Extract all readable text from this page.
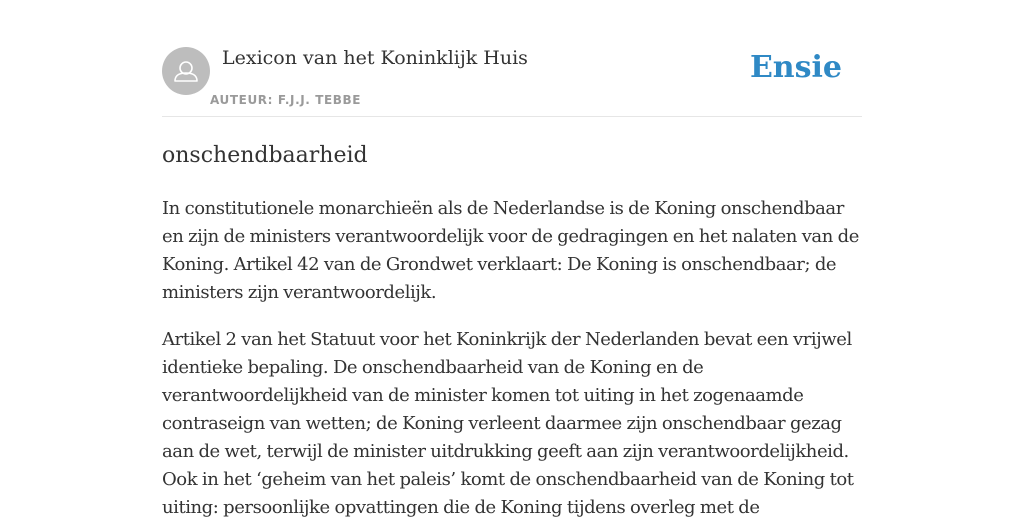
Lexicon van het Koninklijk Huis
AUTEUR: F.J.J. TEBBE
Ensie
onschendbaarheid

In constitutionele monarchieën als de Nederlandse is de Koning onschendbaar en zijn de ministers verantwoordelijk voor de gedragingen en het nalaten van de Koning. Artikel 42 van de Grondwet verklaart: De Koning is onschendbaar; de ministers zijn verantwoordelijk.

Artikel 2 van het Statuut voor het Koninkrijk der Nederlanden bevat een vrijwel identieke bepaling. De onschendbaarheid van de Koning en de verantwoordelijkheid van de minister komen tot uiting in het zogenaamde contraseign van wetten; de Koning verleent daarmee zijn onschendbaar gezag aan de wet, terwijl de minister uitdrukking geeft aan zijn verantwoordelijkheid. Ook in het ‘geheim van het paleis’ komt de onschendbaarheid van de Koning tot uiting: persoonlijke opvattingen die de Koning tijdens overleg met de
